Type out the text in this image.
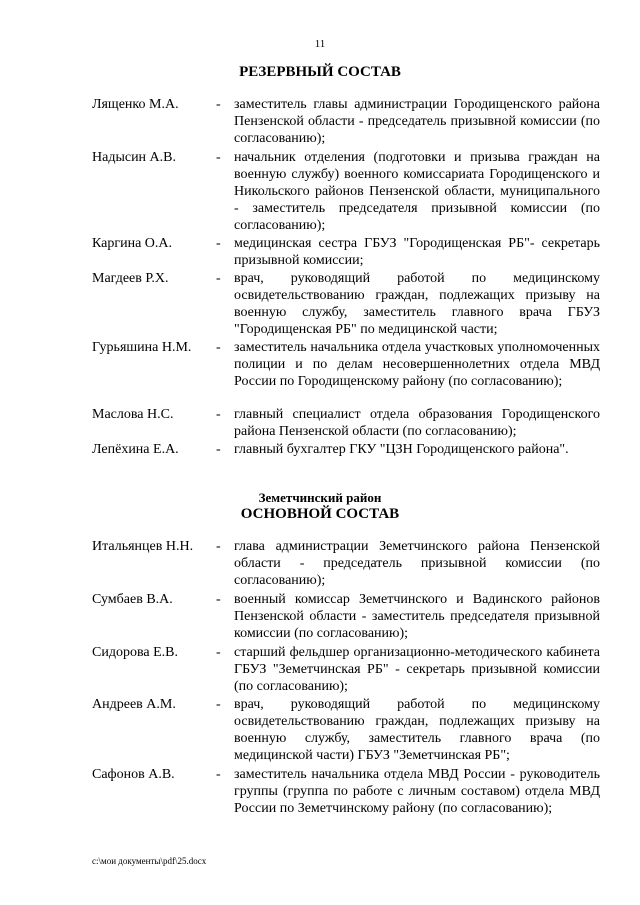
11
РЕЗЕРВНЫЙ СОСТАВ
Лященко М.А.	- заместитель главы администрации Городищенского района Пензенской области - председатель призывной комиссии (по согласованию);
Надысин А.В.	- начальник отделения (подготовки и призыва граждан на военную службу) военного комиссариата Городищенского и Никольского районов Пензенской области, муниципального - заместитель председателя призывной комиссии (по согласованию);
Каргина О.А.	- медицинская сестра ГБУЗ "Городищенская РБ"- секретарь призывной комиссии;
Магдеев Р.Х.	- врач, руководящий работой по медицинскому освидетельствованию граждан, подлежащих призыву на военную службу, заместитель главного врача ГБУЗ "Городищенская РБ" по медицинской части;
Гурьяшина Н.М. - заместитель начальника отдела участковых уполномоченных полиции и по делам несовершеннолетних отдела МВД России по Городищенскому району (по согласованию);
Маслова Н.С.	- главный специалист отдела образования Городищенского района Пензенской области (по согласованию);
Лепёхина Е.А.	- главный бухгалтер ГКУ "ЦЗН Городищенского района".
Земетчинский район
ОСНОВНОЙ СОСТАВ
Итальянцев Н.Н. - глава администрации Земетчинского района Пензенской области - председатель призывной комиссии (по согласованию);
Сумбаев В.А.	- военный комиссар Земетчинского и Вадинского районов Пензенской области - заместитель председателя призывной комиссии (по согласованию);
Сидорова Е.В.	- старший фельдшер организационно-методического кабинета ГБУЗ "Земетчинская РБ" - секретарь призывной комиссии (по согласованию);
Андреев А.М.	- врач, руководящий работой по медицинскому освидетельствованию граждан, подлежащих призыву на военную службу, заместитель главного врача (по медицинской части) ГБУЗ "Земетчинская РБ";
Сафонов А.В.	- заместитель начальника отдела МВД России - руководитель группы (группа по работе с личным составом) отдела МВД России по Земетчинскому району (по согласованию);
c:\мои документы\pdf\25.docx
